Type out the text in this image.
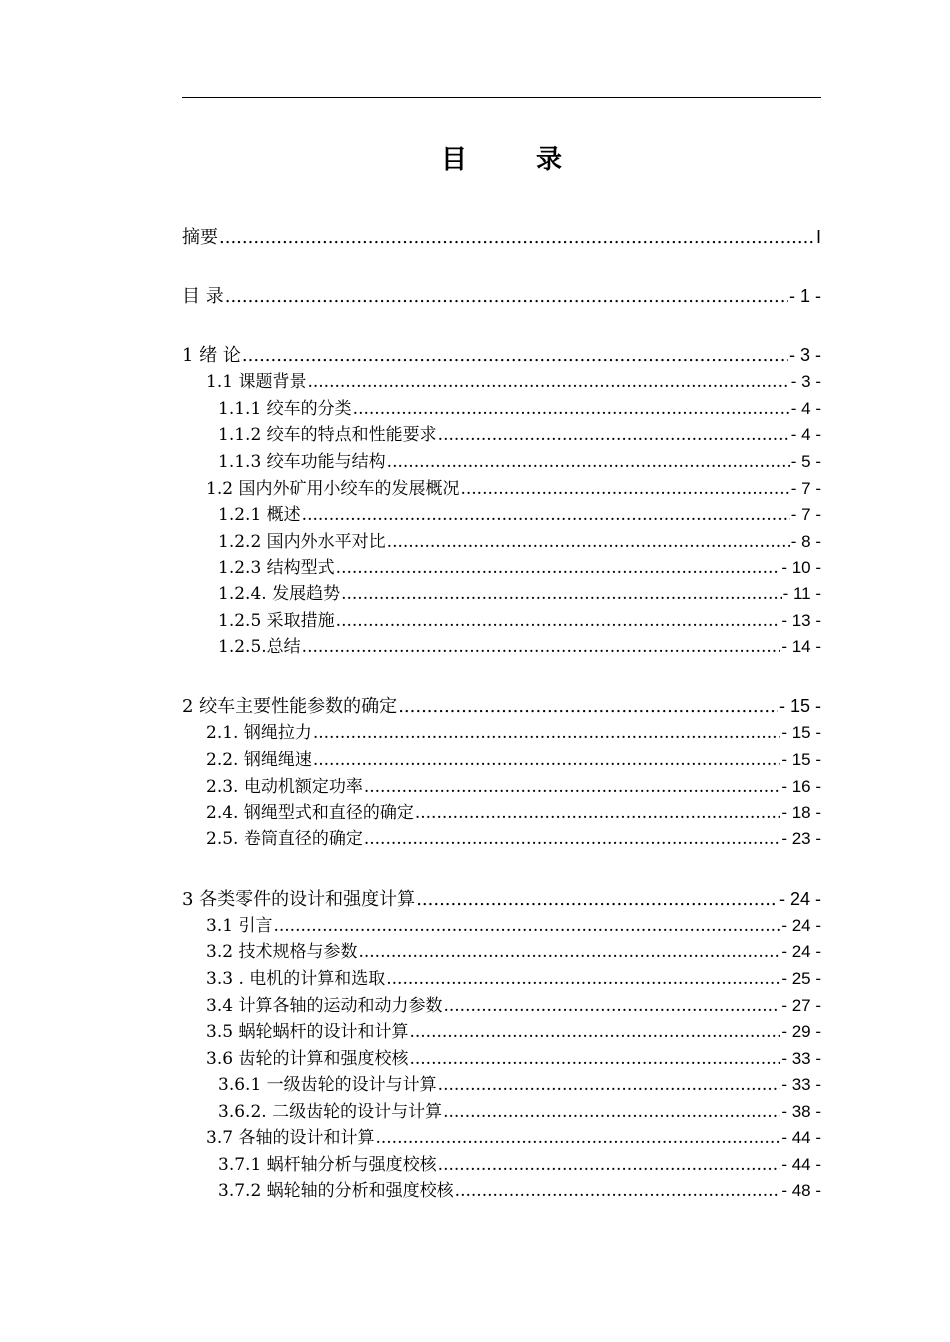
目 录
摘要 .....	I
目 录 .....	- 1 -
1 绪 论 .....	- 3 -
1.1 课题背景 .....	- 3 -
1.1.1 绞车的分类 .....	- 4 -
1.1.2 绞车的特点和性能要求 .....	- 4 -
1.1.3 绞车功能与结构 .....	- 5 -
1.2 国内外矿用小绞车的发展概况 .....	- 7 -
1.2.1 概述 .....	- 7 -
1.2.2 国内外水平对比 .....	- 8 -
1.2.3 结构型式 .....	- 10 -
1.2.4. 发展趋势 .....	- 11 -
1.2.5 采取措施 .....	- 13 -
1.2.5.总结 .....	- 14 -
2 绞车主要性能参数的确定 .....	- 15 -
2.1. 钢绳拉力 .....	- 15 -
2.2. 钢绳绳速 .....	- 15 -
2.3. 电动机额定功率 .....	- 16 -
2.4. 钢绳型式和直径的确定 .....	- 18 -
2.5. 卷筒直径的确定 .....	- 23 -
3 各类零件的设计和强度计算 .....	- 24 -
3.1 引言 .....	- 24 -
3.2 技术规格与参数 .....	- 24 -
3.3 . 电机的计算和选取 .....	- 25 -
3.4 计算各轴的运动和动力参数 .....	- 27 -
3.5 蜗轮蜗杆的设计和计算 .....	- 29 -
3.6 齿轮的计算和强度校核 .....	- 33 -
3.6.1 一级齿轮的设计与计算 .....	- 33 -
3.6.2. 二级齿轮的设计与计算 .....	- 38 -
3.7 各轴的设计和计算 .....	- 44 -
3.7.1 蜗杆轴分析与强度校核 .....	- 44 -
3.7.2 蜗轮轴的分析和强度校核 .....	- 48 -
